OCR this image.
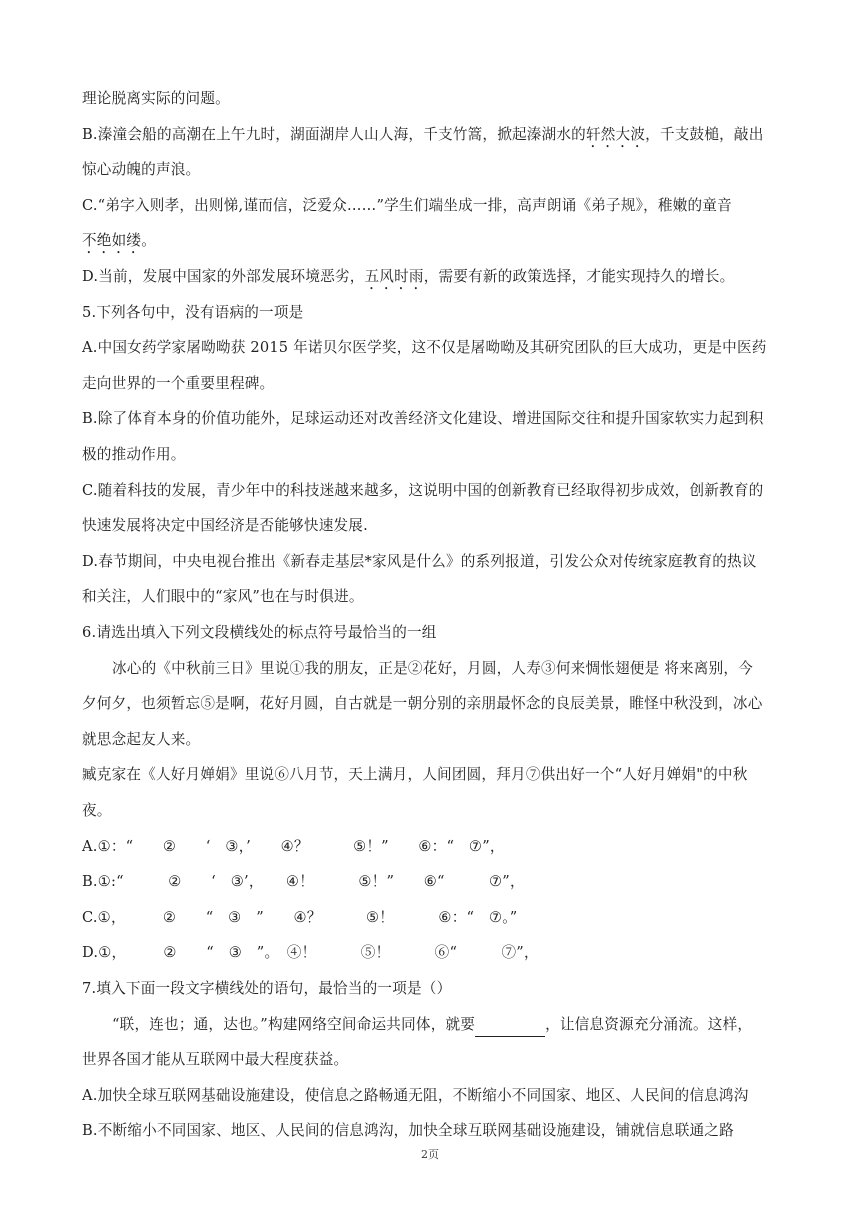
理论脱离实际的问题。
B.溱潼会船的高潮在上午九时，湖面湖岸人山人海，千支竹篙，掀起溱湖水的轩然大波，千支鼓槌，敲出
惊心动魄的声浪。
C.“弟字入则孝，出则悌,谨而信，泛爱众……”学生们端坐成一排，高声朗诵《弟子规》，稚嫩的童音
不绝如缕。
D.当前，发展中国家的外部发展环境恶劣，五风时雨，需要有新的政策选择，才能实现持久的增长。
5.下列各句中，没有语病的一项是
A.中国女药学家屠呦呦获 2015 年诺贝尔医学奖，这不仅是屠呦呦及其研究团队的巨大成功，更是中医药
走向世界的一个重要里程碑。
B.除了体育本身的价值功能外，足球运动还对改善经济文化建设、增进国际交往和提升国家软实力起到积
极的推动作用。
C.随着科技的发展，青少年中的科技迷越来越多，这说明中国的创新教育已经取得初步成效，创新教育的
快速发展将决定中国经济是否能够快速发展.
D.春节期间，中央电视台推出《新春走基层*家风是什么》的系列报道，引发公众对传统家庭教育的热议
和关注，人们眼中的“家风”也在与时俱进。
6.请选出填入下列文段横线处的标点符号最恰当的一组
冰心的《中秋前三日》里说①我的朋友，正是②花好，月圆，人寿③何来惆怅翅便是 将来离别，今
夕何夕，也须暂忘⑤是啊，花好月圆，自古就是一朝分别的亲朋最怀念的良辰美景，睢怪中秋没到，冰心
就思念起友人来。
臧克家在《人好月婵娟》里说⑥八月节，天上满月，人间团圆，拜月⑦供出好一个“人好月婵娟"的中秋
夜。
A.①：“　　②　　‘　③，’　　④？　　　⑤！”　　⑥：“　⑦”，
B.①:“　　　②　　‘　③’，　　④！　　　⑤！”　　⑥“　　　⑦”，
C.①，　　　②　　“　③　”　　④？　　　⑤！　　　⑥：“　⑦。”
D.①，　　　②　　“　③　”。　④！　　　⑤！　　　⑥“　　　⑦”，
7.填入下面一段文字横线处的语句，最恰当的一项是（）
“联，连也；通，达也。”构建网络空间命运共同体，就要	，让信息资源充分涌流。这样，
世界各国才能从互联网中最大程度获益。
A.加快全球互联网基础设施建设，使信息之路畅通无阻，不断缩小不同国家、地区、人民间的信息鸿沟
B.不断缩小不同国家、地区、人民间的信息鸿沟，加快全球互联网基础设施建设，铺就信息联通之路
2页
